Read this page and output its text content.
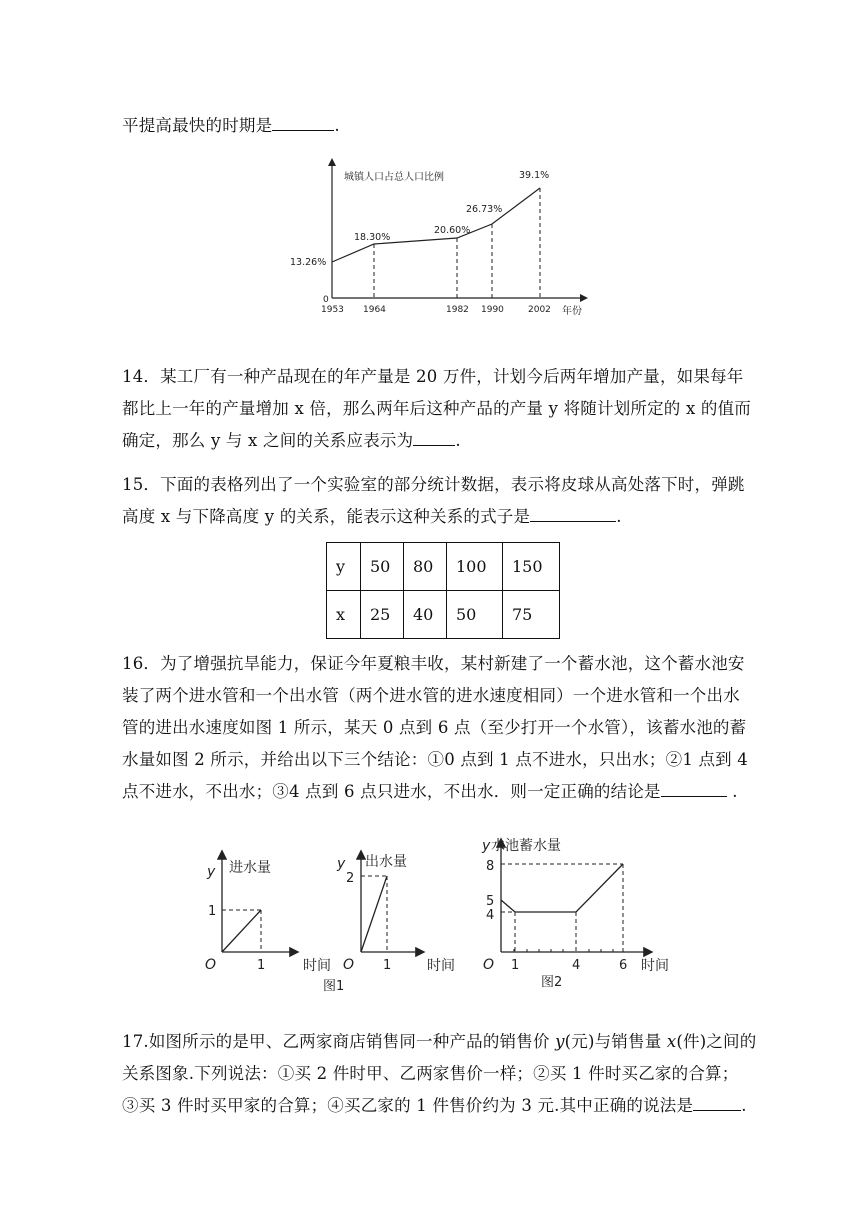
平提高最快的时期是	.
城镇人口占总人口比例
0
13.26%
18.30%
20.60%
26.73%
39.1%
1953 1964	1982 1990	2002 年份
14．某工厂有一种产品现在的年产量是 20 万件，计划今后两年增加产量，如果每年
都比上一年的产量增加 x 倍，那么两年后这种产品的产量 y 将随计划所定的 x 的值而
确定，那么 y 与 x 之间的关系应表示为	.
15．下面的表格列出了一个实验室的部分统计数据，表示将皮球从高处落下时，弹跳
高度 x 与下降高度 y 的关系，能表示这种关系的式子是	.
y	50	80	100	150
x	25	40	50	75
16．为了增强抗旱能力，保证今年夏粮丰收，某村新建了一个蓄水池，这个蓄水池安
装了两个进水管和一个出水管（两个进水管的进水速度相同）一个进水管和一个出水
管的进出水速度如图 1 所示，某天 0 点到 6 点（至少打开一个水管），该蓄水池的蓄
水量如图 2 所示，并给出以下三个结论：①0 点到 1 点不进水，只出水；②1 点到 4
点不进水，不出水；③4 点到 6 点只进水，不出水．则一定正确的结论是	.
y 进水量
1
O	1	时间
y 出水量
2
O 1	时间
y 水池蓄水量
8
5
4
O 1	4	6 时间
图1	图2
17.如图所示的是甲、乙两家商店销售同一种产品的销售价 y(元)与销售量 x(件)之间的
关系图象.下列说法：①买 2 件时甲、乙两家售价一样；②买 1 件时买乙家的合算；
③买 3 件时买甲家的合算；④买乙家的 1 件售价约为 3 元.其中正确的说法是	.
